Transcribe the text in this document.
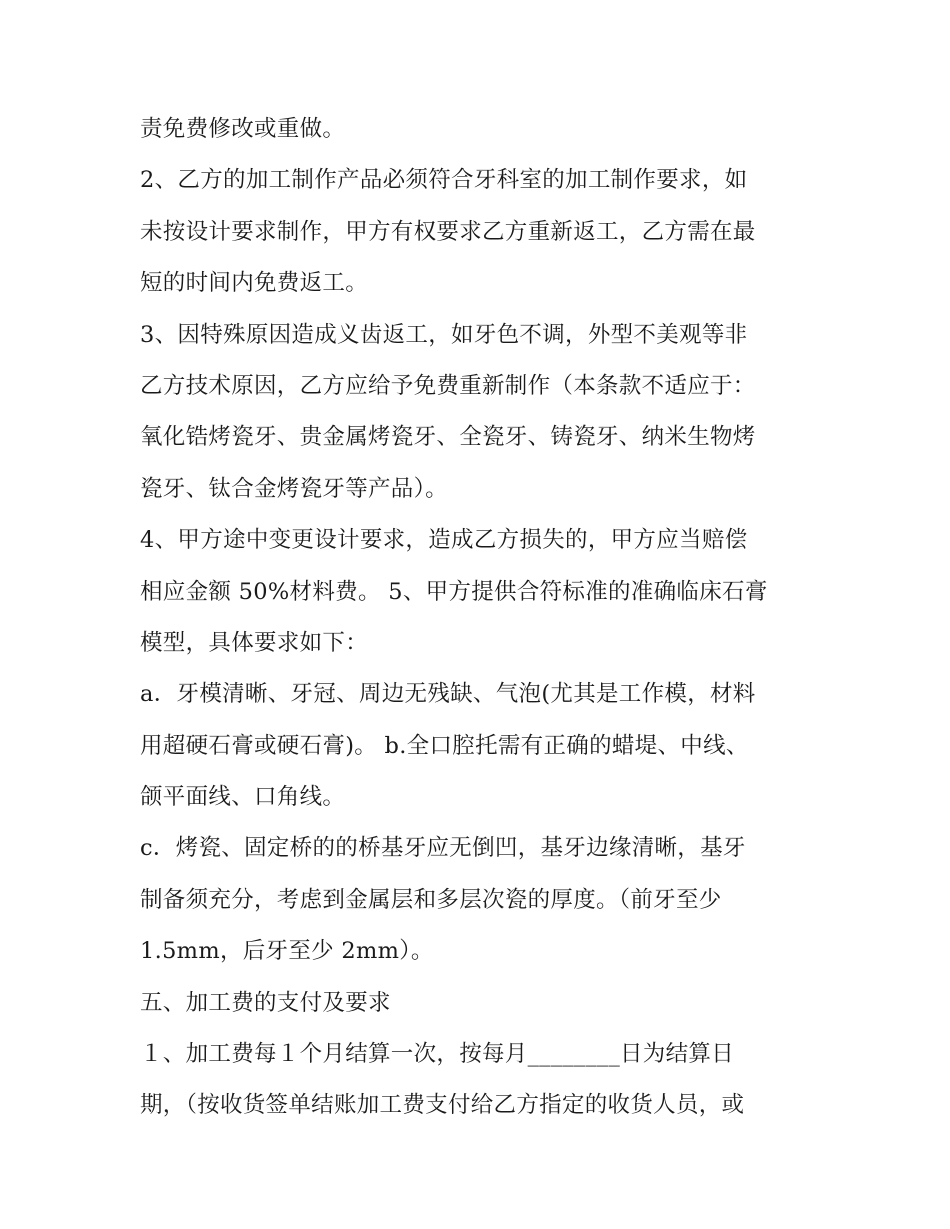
责免费修改或重做。
2、乙方的加工制作产品必须符合牙科室的加工制作要求，如
未按设计要求制作，甲方有权要求乙方重新返工，乙方需在最
短的时间内免费返工。
3、因特殊原因造成义齿返工，如牙色不调，外型不美观等非
乙方技术原因，乙方应给予免费重新制作（本条款不适应于：
氧化锆烤瓷牙、贵金属烤瓷牙、全瓷牙、铸瓷牙、纳米生物烤
瓷牙、钛合金烤瓷牙等产品）。
4、甲方途中变更设计要求，造成乙方损失的，甲方应当赔偿
相应金额 50%材料费。 5、甲方提供合符标准的准确临床石膏
模型，具体要求如下：
a．牙模清晰、牙冠、周边无残缺、气泡(尤其是工作模，材料
用超硬石膏或硬石膏)。 b.全口腔托需有正确的蜡堤、中线、
颌平面线、口角线。
c．烤瓷、固定桥的的桥基牙应无倒凹，基牙边缘清晰，基牙
制备须充分，考虑到金属层和多层次瓷的厚度。（前牙至少
1.5mm，后牙至少 2mm）。
五、加工费的支付及要求
１、加工费每１个月结算一次，按每月________日为结算日
期，（按收货签单结账加工费支付给乙方指定的收货人员，或
